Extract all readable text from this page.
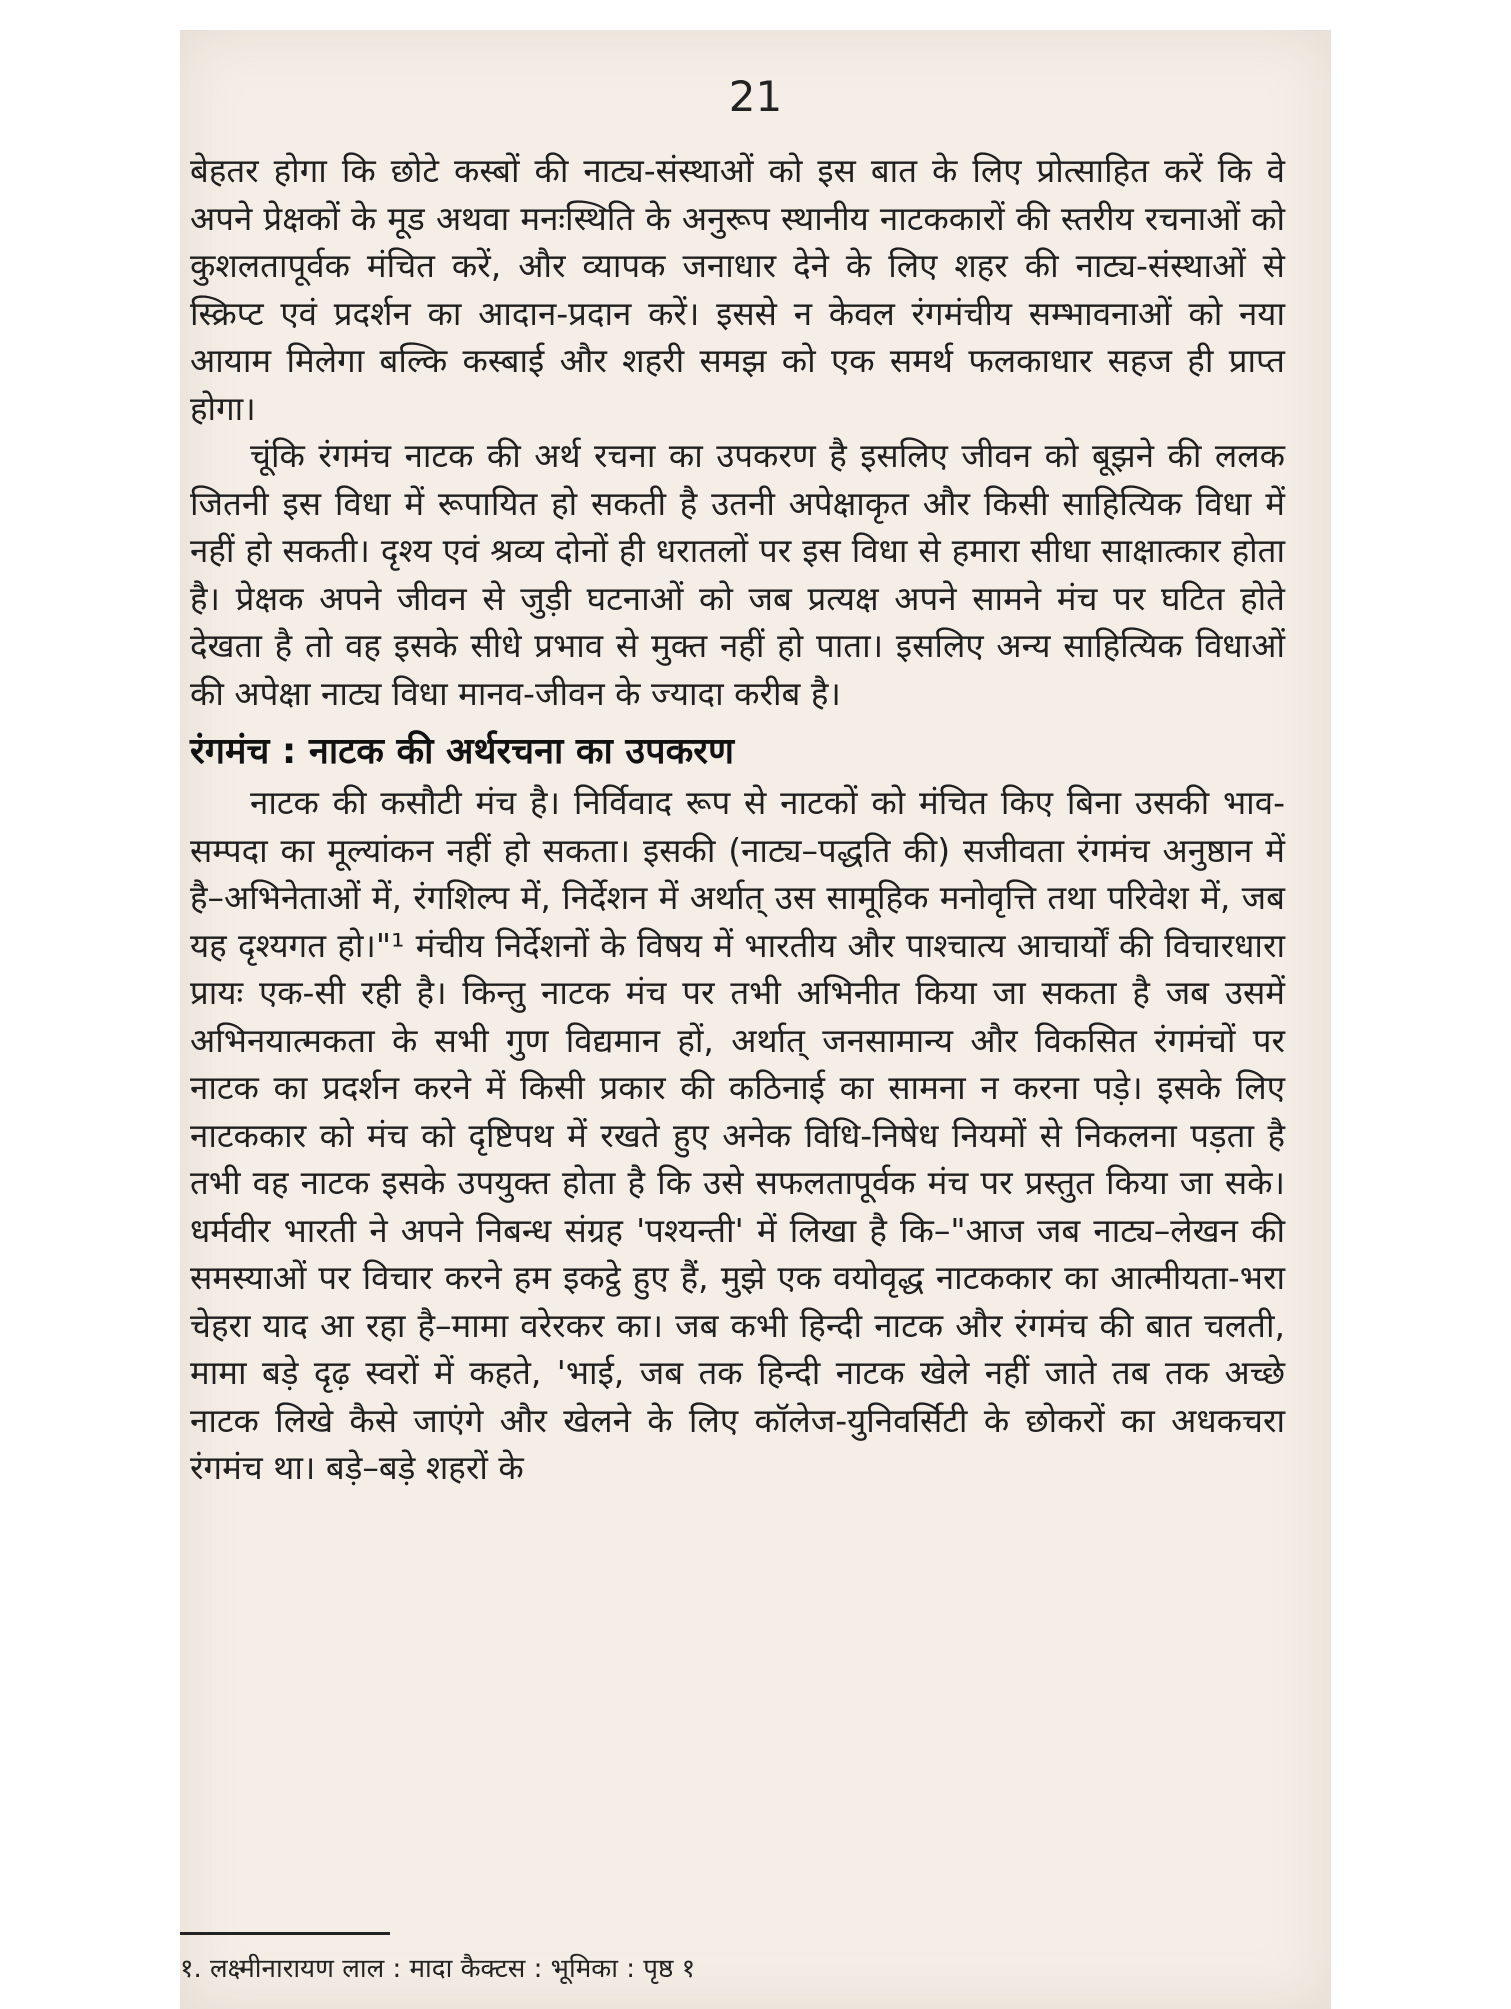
21

बेहतर होगा कि छोटे कस्बों की नाट्य-संस्थाओं को इस बात के लिए प्रोत्साहित करें कि वे अपने प्रेक्षकों के मूड अथवा मनःस्थिति के अनुरूप स्थानीय नाटककारों की स्तरीय रचनाओं को कुशलतापूर्वक मंचित करें, और व्यापक जनाधार देने के लिए शहर की नाट्य-संस्थाओं से स्क्रिप्ट एवं प्रदर्शन का आदान-प्रदान करें। इससे न केवल रंगमंचीय सम्भावनाओं को नया आयाम मिलेगा बल्कि कस्बाई और शहरी समझ को एक समर्थ फलकाधार सहज ही प्राप्त होगा।

चूंकि रंगमंच नाटक की अर्थ रचना का उपकरण है इसलिए जीवन को बूझने की ललक जितनी इस विधा में रूपायित हो सकती है उतनी अपेक्षाकृत और किसी साहित्यिक विधा में नहीं हो सकती। दृश्य एवं श्रव्य दोनों ही धरातलों पर इस विधा से हमारा सीधा साक्षात्कार होता है। प्रेक्षक अपने जीवन से जुड़ी घटनाओं को जब प्रत्यक्ष अपने सामने मंच पर घटित होते देखता है तो वह इसके सीधे प्रभाव से मुक्त नहीं हो पाता। इसलिए अन्य साहित्यिक विधाओं की अपेक्षा नाट्य विधा मानव-जीवन के ज्यादा करीब है।

रंगमंच : नाटक की अर्थरचना का उपकरण

नाटक की कसौटी मंच है। निर्विवाद रूप से नाटकों को मंचित किए बिना उसकी भाव-सम्पदा का मूल्यांकन नहीं हो सकता। इसकी (नाट्य–पद्धति की) सजीवता रंगमंच अनुष्ठान में है–अभिनेताओं में, रंगशिल्प में, निर्देशन में अर्थात् उस सामूहिक मनोवृत्ति तथा परिवेश में, जब यह दृश्यगत हो।"¹ मंचीय निर्देशनों के विषय में भारतीय और पाश्चात्य आचार्यों की विचारधारा प्रायः एक-सी रही है। किन्तु नाटक मंच पर तभी अभिनीत किया जा सकता है जब उसमें अभिनयात्मकता के सभी गुण विद्यमान हों, अर्थात् जनसामान्य और विकसित रंगमंचों पर नाटक का प्रदर्शन करने में किसी प्रकार की कठिनाई का सामना न करना पड़े। इसके लिए नाटककार को मंच को दृष्टिपथ में रखते हुए अनेक विधि-निषेध नियमों से निकलना पड़ता है तभी वह नाटक इसके उपयुक्त होता है कि उसे सफलतापूर्वक मंच पर प्रस्तुत किया जा सके। धर्मवीर भारती ने अपने निबन्ध संग्रह 'पश्यन्ती' में लिखा है कि–"आज जब नाट्य–लेखन की समस्याओं पर विचार करने हम इकट्ठे हुए हैं, मुझे एक वयोवृद्ध नाटककार का आत्मीयता-भरा चेहरा याद आ रहा है–मामा वरेरकर का। जब कभी हिन्दी नाटक और रंगमंच की बात चलती, मामा बड़े दृढ़ स्वरों में कहते, 'भाई, जब तक हिन्दी नाटक खेले नहीं जाते तब तक अच्छे नाटक लिखे कैसे जाएंगे और खेलने के लिए कॉलेज-युनिवर्सिटी के छोकरों का अधकचरा रंगमंच था। बड़े–बड़े शहरों के

१. लक्ष्मीनारायण लाल : मादा कैक्टस : भूमिका : पृष्ठ १
